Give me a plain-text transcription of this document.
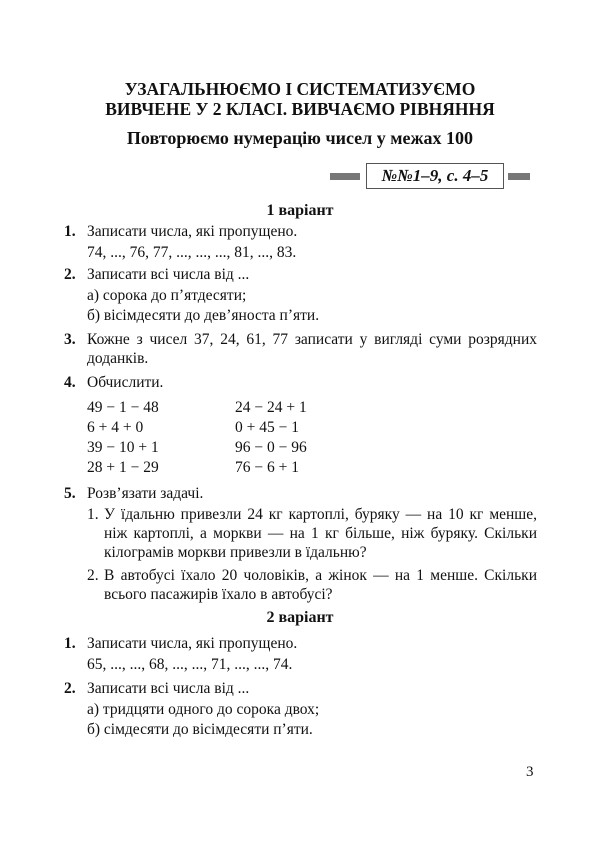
УЗАГАЛЬНЮЄМО І СИСТЕМАТИЗУЄМО
ВИВЧЕНЕ У 2 КЛАСІ. ВИВЧАЄМО РІВНЯННЯ
Повторюємо нумерацію чисел у межах 100
№№1–9, с. 4–5
1 варіант
1. Записати числа, які пропущено.
74, ..., 76, 77, ..., ..., ..., 81, ..., 83.
2. Записати всі числа від ...
а) сорока до п’ятдесяти;
б) вісімдесяти до дев’яноста п’яти.
3. Кожне з чисел 37, 24, 61, 77 записати у вигляді суми розрядних
доданків.
4. Обчислити.
49 − 1 − 48
6 + 4 + 0
39 − 10 + 1
28 + 1 − 29
24 − 24 + 1
0 + 45 − 1
96 − 0 − 96
76 − 6 + 1
5. Розв’язати задачі.
1. У їдальню привезли 24 кг картоплі, буряку — на 10 кг менше,
ніж картоплі, а моркви — на 1 кг більше, ніж буряку. Скільки
кілограмів моркви привезли в їдальню?
2. В автобусі їхало 20 чоловіків, а жінок — на 1 менше. Скільки
всього пасажирів їхало в автобусі?
2 варіант
1. Записати числа, які пропущено.
65, ..., ..., 68, ..., ..., 71, ..., ..., 74.
2. Записати всі числа від ...
а) тридцяти одного до сорока двох;
б) сімдесяти до вісімдесяти п’яти.
3
